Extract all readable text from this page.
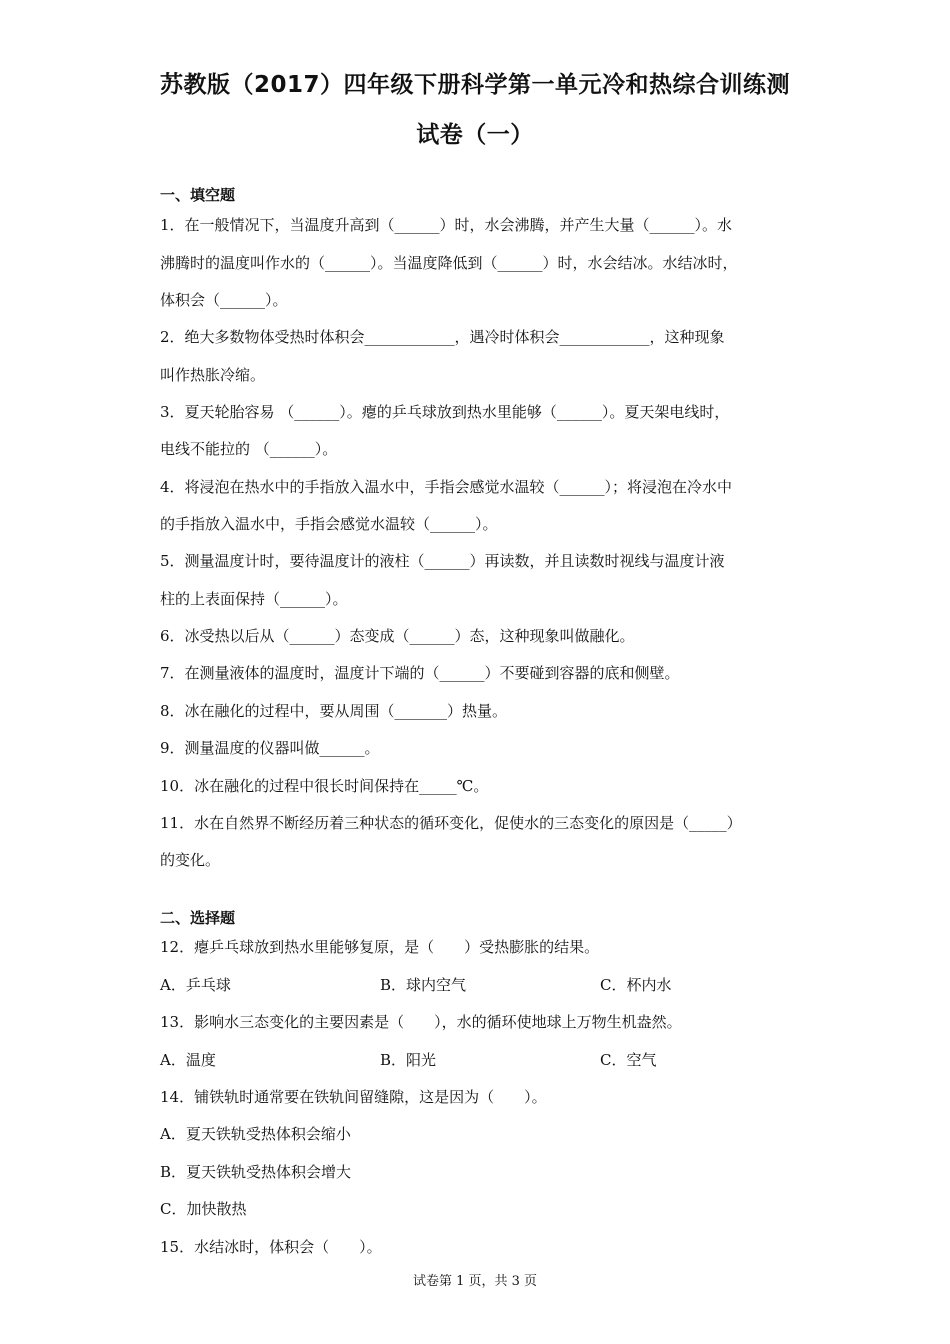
苏教版（2017）四年级下册科学第一单元冷和热综合训练测
试卷（一）
一、填空题
1．在一般情况下，当温度升高到（______）时，水会沸腾，并产生大量（______）。水
沸腾时的温度叫作水的（______）。当温度降低到（______）时，水会结冰。水结冰时，
体积会（______）。
2．绝大多数物体受热时体积会____________，遇冷时体积会____________，这种现象
叫作热胀冷缩。
3．夏天轮胎容易 （______）。瘪的乒乓球放到热水里能够（______）。夏天架电线时，
电线不能拉的 （______）。
4．将浸泡在热水中的手指放入温水中，手指会感觉水温较（______）；将浸泡在冷水中
的手指放入温水中，手指会感觉水温较（______）。
5．测量温度计时，要待温度计的液柱（______）再读数，并且读数时视线与温度计液
柱的上表面保持（______）。
6．冰受热以后从（______）态变成（______）态，这种现象叫做融化。
7．在测量液体的温度时，温度计下端的（______）不要碰到容器的底和侧壁。
8．冰在融化的过程中，要从周围（_______）热量。
9．测量温度的仪器叫做______。
10．冰在融化的过程中很长时间保持在_____℃。
11．水在自然界不断经历着三种状态的循环变化，促使水的三态变化的原因是（_____）
的变化。
二、选择题
12．瘪乒乓球放到热水里能够复原，是（　　）受热膨胀的结果。
A．乒乓球	B．球内空气	C．杯内水
13．影响水三态变化的主要因素是（　　），水的循环使地球上万物生机盎然。
A．温度	B．阳光	C．空气
14．铺铁轨时通常要在铁轨间留缝隙，这是因为（　　）。
A．夏天铁轨受热体积会缩小
B．夏天铁轨受热体积会增大
C．加快散热
15．水结冰时，体积会（　　）。
试卷第 1 页，共 3 页
